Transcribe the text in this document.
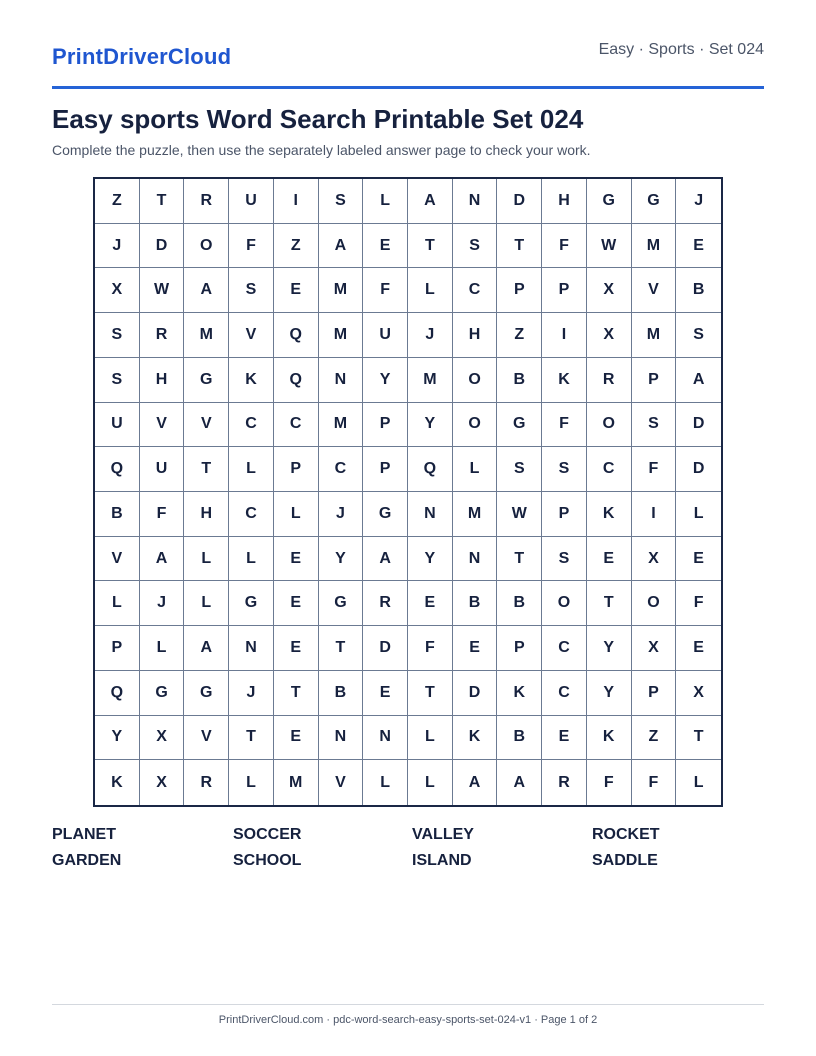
PrintDriverCloud	Easy · Sports · Set 024
Easy sports Word Search Printable Set 024
Complete the puzzle, then use the separately labeled answer page to check your work.
Z	T	R	U	I	S	L	A	N	D	H	G	G	J
J	D	O	F	Z	A	E	T	S	T	F	W	M	E
X	W	A	S	E	M	F	L	C	P	P	X	V	B
S	R	M	V	Q	M	U	J	H	Z	I	X	M	S
S	H	G	K	Q	N	Y	M	O	B	K	R	P	A
U	V	V	C	C	M	P	Y	O	G	F	O	S	D
Q	U	T	L	P	C	P	Q	L	S	S	C	F	D
B	F	H	C	L	J	G	N	M	W	P	K	I	L
V	A	L	L	E	Y	A	Y	N	T	S	E	X	E
L	J	L	G	E	G	R	E	B	B	O	T	O	F
P	L	A	N	E	T	D	F	E	P	C	Y	X	E
Q	G	G	J	T	B	E	T	D	K	C	Y	P	X
Y	X	V	T	E	N	N	L	K	B	E	K	Z	T
K	X	R	L	M	V	L	L	A	A	R	F	F	L
PLANET	SOCCER	VALLEY	ROCKET
GARDEN	SCHOOL	ISLAND	SADDLE
PrintDriverCloud.com · pdc-word-search-easy-sports-set-024-v1 · Page 1 of 2
